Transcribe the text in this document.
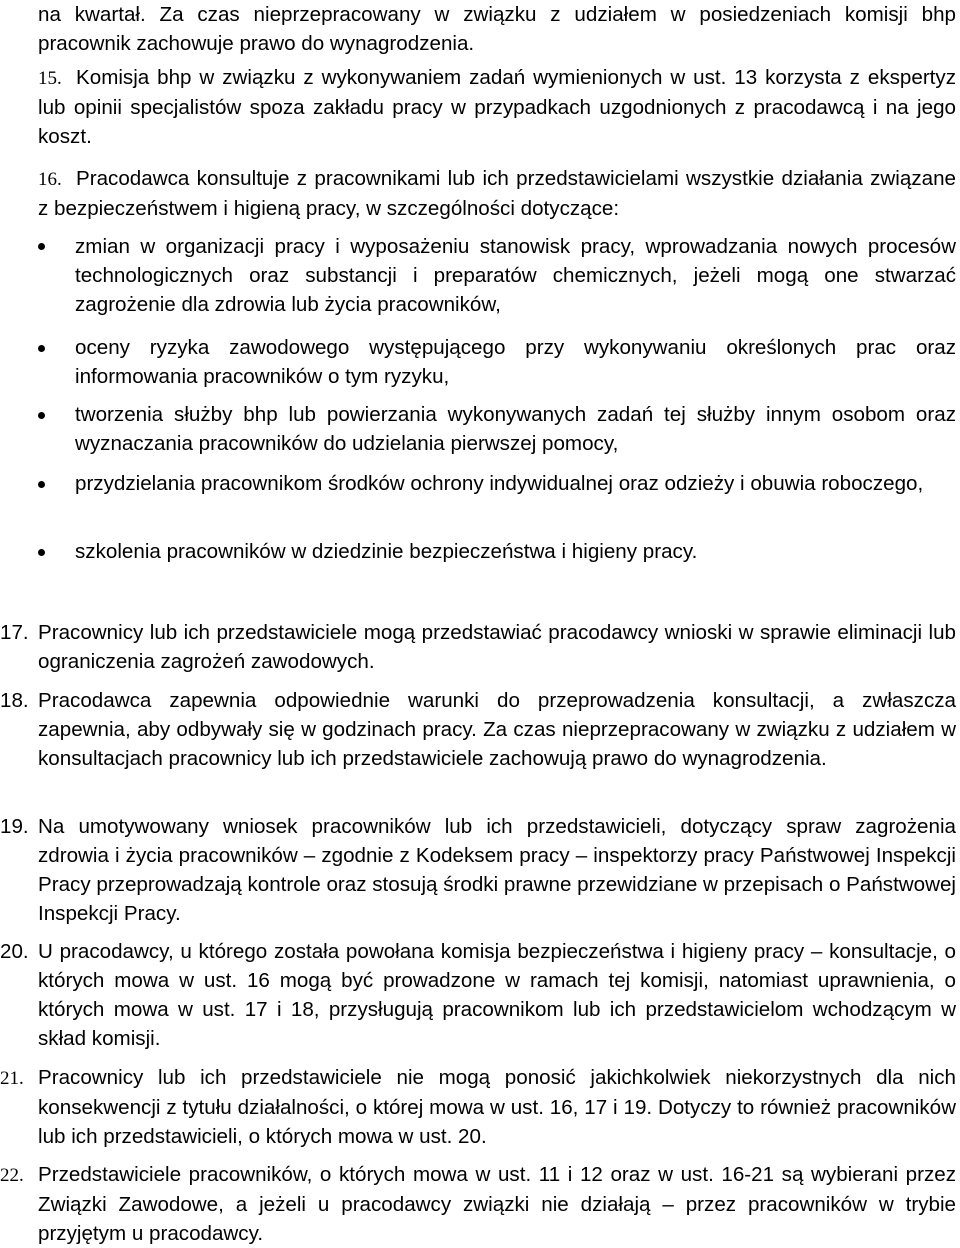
na kwartał. Za czas nieprzepracowany w związku z udziałem w posiedzeniach komisji bhp pracownik zachowuje prawo do wynagrodzenia.
15. Komisja bhp w związku z wykonywaniem zadań wymienionych w ust. 13 korzysta z ekspertyz lub opinii specjalistów spoza zakładu pracy w przypadkach uzgodnionych z pracodawcą i na jego koszt.
16. Pracodawca konsultuje z pracownikami lub ich przedstawicielami wszystkie działania związane z bezpieczeństwem i higieną pracy, w szczególności dotyczące:
zmian w organizacji pracy i wyposażeniu stanowisk pracy, wprowadzania nowych procesów technologicznych oraz substancji i preparatów chemicznych, jeżeli mogą one stwarzać zagrożenie dla zdrowia lub życia pracowników,
oceny ryzyka zawodowego występującego przy wykonywaniu określonych prac oraz informowania pracowników o tym ryzyku,
tworzenia służby bhp lub powierzania wykonywanych zadań tej służby innym osobom oraz wyznaczania pracowników do udzielania pierwszej pomocy,
przydzielania pracownikom środków ochrony indywidualnej oraz odzieży i obuwia roboczego,
szkolenia pracowników w dziedzinie bezpieczeństwa i higieny pracy.
17. Pracownicy lub ich przedstawiciele mogą przedstawiać pracodawcy wnioski w sprawie eliminacji lub ograniczenia zagrożeń zawodowych.
18. Pracodawca zapewnia odpowiednie warunki do przeprowadzenia konsultacji, a zwłaszcza zapewnia, aby odbywały się w godzinach pracy. Za czas nieprzepracowany w związku z udziałem w konsultacjach pracownicy lub ich przedstawiciele zachowują prawo do wynagrodzenia.
19. Na umotywowany wniosek pracowników lub ich przedstawicieli, dotyczący spraw zagrożenia zdrowia i życia pracowników – zgodnie z Kodeksem pracy – inspektorzy pracy Państwowej Inspekcji Pracy przeprowadzają kontrole oraz stosują środki prawne przewidziane w przepisach o Państwowej Inspekcji Pracy.
20. U pracodawcy, u którego została powołana komisja bezpieczeństwa i higieny pracy – konsultacje, o których mowa w ust. 16 mogą być prowadzone w ramach tej komisji, natomiast uprawnienia, o których mowa w ust. 17 i 18, przysługują pracownikom lub ich przedstawicielom wchodzącym w skład komisji.
21. Pracownicy lub ich przedstawiciele nie mogą ponosić jakichkolwiek niekorzystnych dla nich konsekwencji z tytułu działalności, o której mowa w ust. 16, 17 i 19. Dotyczy to również pracowników lub ich przedstawicieli, o których mowa w ust. 20.
22. Przedstawiciele pracowników, o których mowa w ust. 11 i 12 oraz w ust. 16-21 są wybierani przez Związki Zawodowe, a jeżeli u pracodawcy związki nie działają – przez pracowników w trybie przyjętym u pracodawcy.
